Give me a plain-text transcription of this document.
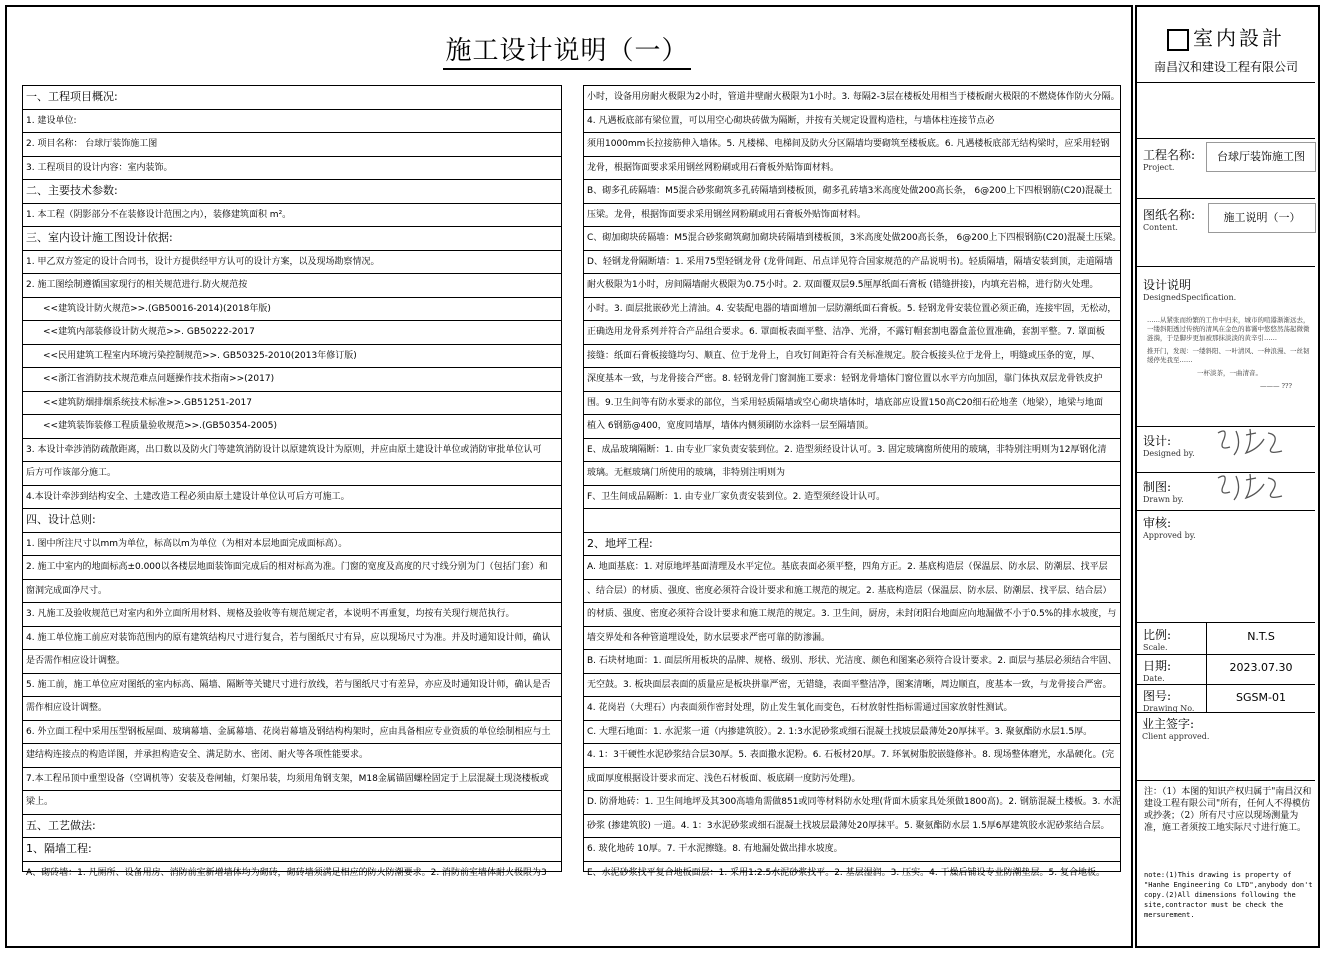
施工设计说明（一）
一、工程项目概况:
1. 建设单位:
2. 项目名称： 台球厅装饰施工图
3. 工程项目的设计内容：室内装饰。
二、主要技术参数:
1. 本工程（阴影部分不在装修设计范围之内），装修建筑面积 m²。
三、室内设计施工图设计依据:
1. 甲乙双方签定的设计合同书，设计方提供经甲方认可的设计方案，以及现场勘察情况。
2. 施工图绘制遵循国家现行的相关规范进行.防火规范按
<<建筑设计防火规范>>.(GB50016-2014)(2018年版)
<<建筑内部装修设计防火规范>>. GB50222-2017
<<民用建筑工程室内环境污染控制规范>>. GB50325-2010(2013年修订版)
<<浙江省消防技术规范难点问题操作技术指南>>(2017)
<<建筑防烟排烟系统技术标准>>.GB51251-2017
<<建筑装饰装修工程质量验收规范>>.(GB50354-2005)
3. 本设计牵涉消防疏散距离，出口数以及防火门等建筑消防设计以原建筑设计为原则，并应由原土建设计单位或消防审批单位认可
后方可作该部分施工。
4.本设计牵涉到结构安全、土建改造工程必须由原土建设计单位认可后方可施工。
四、设计总则:
1. 图中所注尺寸以mm为单位，标高以m为单位（为相对本层地面完成面标高）。
2. 施工中室内的地面标高±0.000以各楼层地面装饰面完成后的相对标高为准。门窗的宽度及高度的尺寸线分别为门（包括门套）和
窗洞完成面净尺寸。
3. 凡施工及验收规范已对室内和外立面所用材料、规格及验收等有规范规定者，本说明不再重复，均按有关现行规范执行。
4. 施工单位施工前应对装饰范围内的原有建筑结构尺寸进行复合，若与图纸尺寸有异，应以现场尺寸为准。并及时通知设计师，确认
是否需作相应设计调整。
5. 施工前，施工单位应对图纸的室内标高、隔墙、隔断等关键尺寸进行放线，若与图纸尺寸有差异，亦应及时通知设计师，确认是否
需作相应设计调整。
6. 外立面工程中采用压型钢板屋面、玻璃幕墙、金属幕墙、花岗岩幕墙及钢结构构架时，应由具备相应专业资质的单位绘制相应与土
建结构连接点的构造详图，并承担构造安全、满足防水、密闭、耐火等各项性能要求。
7.本工程吊顶中重型设备（空调机等）安装及卷闸轴，灯架吊装，均须用角钢支架，M18金属锚固螺栓固定于上层混凝土现浇楼板或
梁上。
五、工艺做法:
1、隔墙工程:
A、砌砖墙：1. 凡厕所、设备用房、消防前室新增墙体均为砌砖，砌砖墙须满足相应的防火防潮要求。2. 消防前室墙体耐火极限为3
小时，设备用房耐火极限为2小时，管道井壁耐火极限为1小时。3. 每隔2-3层在楼板处用相当于楼板耐火极限的不燃烧体作防火分隔。
4. 凡遇板底部有梁位置，可以用空心砌块砖做为隔断，并按有关规定设置构造柱，与墙体柱连接节点必
须用1000mm长拉接筋伸入墙体。5. 凡楼梯、电梯间及防火分区隔墙均要砌筑至楼板底。6. 凡遇楼板底部无结构梁时，应采用轻钢
龙骨，根据饰面要求采用钢丝网粉刷或用石膏板外贴饰面材料。
B、砌多孔砖隔墙：M5混合砂浆砌筑多孔砖隔墙到楼板顶，砌多孔砖墙3米高度处做200高长条， 6@200上下四根钢筋(C20)混凝土
压梁。龙骨，根据饰面要求采用钢丝网粉刷或用石膏板外贴饰面材料。
C、砌加砌块砖隔墙：M5混合砂浆砌筑砌加砌块砖隔墙到楼板顶，3米高度处做200高长条， 6@200上下四根钢筋(C20)混凝土压梁。
D、轻钢龙骨隔断墙：1. 采用75型轻钢龙骨 (龙骨间距、吊点详见符合国家规范的产品说明书)。轻质隔墙，隔墙安装到顶，走道隔墙
耐火极限为1小时，房间隔墙耐火极限为0.75小时。2. 双面覆双层9.5厘厚纸面石膏板 (错缝拼接)，内填充岩棉，进行防火处理。
小时。3. 面层批嵌砂光上清油。4. 安装配电器的墙面增加一层防潮纸面石膏板。5. 轻钢龙骨安装位置必须正确，连接牢固，无松动，
正确选用龙骨系列并符合产品组合要求。6. 罩面板表面平整、洁净、光滑，不露钉帽套割电器盒盖位置准确，套割平整。7. 罩面板
接缝：纸面石膏板接缝均匀、顺直、位于龙骨上，自攻钉间距符合有关标准规定。胶合板接头位于龙骨上，明缝或压条的宽，厚、
深度基本一致，与龙骨接合严密。8. 轻钢龙骨门窗洞施工要求：轻钢龙骨墙体门窗位置以水平方向加固，靠门体执双层龙骨铁皮护
围。9.卫生间等有防水要求的部位，当采用轻质隔墙或空心砌块墙体时，墙底部应设置150高C20细石砼地垄（地梁），地梁与地面
植入 6钢筋@400，宽度同墙厚，墙体内侧须刷防水涂料一层至隔墙顶。
E、成品玻璃隔断：1. 由专业厂家负责安装到位。2. 造型须经设计认可。3. 固定玻璃窗所使用的玻璃，非特别注明则为12厚钢化清
玻璃。无框玻璃门所使用的玻璃，非特别注明则为
F、卫生间成品隔断：1. 由专业厂家负责安装到位。2. 造型须经设计认可。
2、地坪工程:
A. 地面基底：1. 对原地坪基面清理及水平定位。基底表面必须平整，四角方正。2. 基底构造层（保温层、防水层、防潮层、找平层
、结合层）的材质、强度、密度必须符合设计要求和施工规范的规定。2. 基底构造层（保温层、防水层、防潮层、找平层、结合层）
的材质、强度、密度必须符合设计要求和施工规范的规定。3. 卫生间，厨房，未封闭阳台地面应向地漏做不小于0.5%的排水坡度，与
墙交界处和各种管道埋设处，防水层要求严密可靠的防渗漏。
B. 石块材地面：1. 面层所用板块的品牌、规格、级别、形状、光洁度、颜色和图案必须符合设计要求。2. 面层与基层必须结合牢固、
无空鼓。3. 板块面层表面的质量应是板块拼靠严密，无错缝，表面平整洁净，图案清晰，周边顺直，度基本一致，与龙骨接合严密。
4. 花岗岩（大理石）内表面须作密封处理，防止发生氧化而变色，石材放射性指标需通过国家放射性测试。
C. 大理石地面：1. 水泥浆一道（内掺建筑胶）。2. 1:3水泥砂浆或细石混凝土找坡层最薄处20厚抹平。3. 聚氨酯防水层1.5厚。
4. 1：3干硬性水泥砂浆结合层30厚。5. 表面撒水泥粉。6. 石板材20厚。7. 环氧树脂胶嵌缝修补。8. 现场整体磨光，水晶硬化。(完
成面厚度根据设计要求而定、浅色石材板面、板底刷一度防污处理)。
D. 防滑地砖：1. 卫生间地坪及其300高墙角需做851或同等材料防水处理(背面木质家具处须做1800高)。2. 钢筋混凝土楼板。3. 水泥
砂浆 (掺建筑胶) 一道。4. 1：3水泥砂浆或细石混凝土找坡层最薄处20厚抹平。5. 聚氨酯防水层 1.5厚6厚建筑胶水泥砂浆结合层。
6. 玻化地砖 10厚。7. 干水泥擦缝。8. 有地漏处做出排水坡度。
E、水泥砂浆找平复合地板面层：1. 采用1:2.5水泥砂浆找平。2. 基层湿润。3. 压实。4. 干燥后铺设专业防潮垫层。5. 复合地板。
室内設計
南昌汉和建设工程有限公司
工程名称:
Project.
台球厅装饰施工图
图纸名称:
Content.
施工说明（一）
设计说明
DesignedSpecification.
……从紧张而纷繁的工作中归来，城市的喧嚣渐渐远去，一缕斜阳透过传统的清风在金色的暮霭中悠悠然荡起微微涟漪，于是脚步更加被那抹淡淡的黄辛引……
推开门，发现：一缕斜阳、一叶清风、一种浪漫、一丝韧缓停先我至……
一杯淡茶，一曲清音。
——— ???
设计:
Designed by.
制图:
Drawn by.
审核:
Approved by.
比例:
Scale.
N.T.S
日期:
Date.
2023.07.30
图号:
Drawing No.
SGSM-01
业主签字:
Client approved.
注：（1）本图的知识产权归属于"南昌汉和建设工程有限公司"所有，任何人不得模仿或抄袭；（2）所有尺寸应以现场测量为准，施工者须按工地实际尺寸进行施工。
note:(1)This drawing is property of "Hanhe Engineering Co LTD",anybody don't copy.(2)All dimensions following the site,contractor must be check the mersurement.
